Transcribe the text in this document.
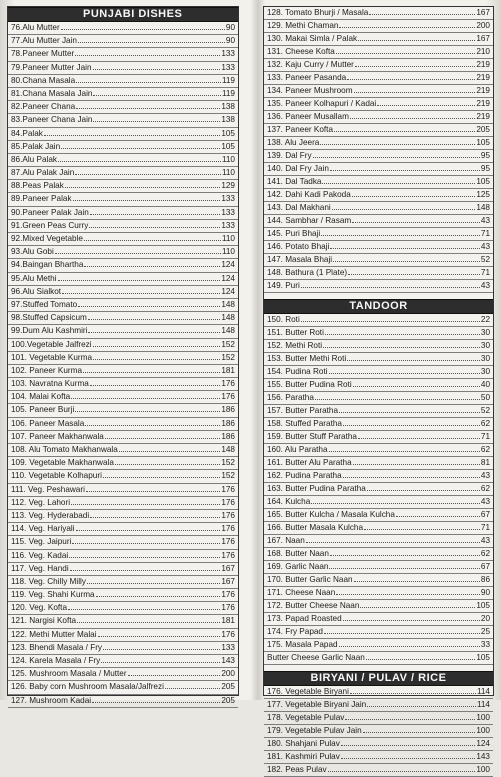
PUNJABI DISHES
76.Alu Mutter	90
77.Alu Mutter Jain	90
78.Paneer Mutter	133
79.Paneer Mutter Jain	133
80.Chana Masala	119
81.Chana Masala Jain	119
82.Paneer Chana	138
83.Paneer Chana Jain	138
84.Palak	105
85.Palak Jain	105
86.Alu Palak	110
87.Alu Palak Jain	110
88.Peas Palak	129
89.Paneer Palak	133
90.Paneer Palak Jain	133
91.Green Peas Curry	133
92.Mixed Vegetable	110
93.Alu Gobi	110
94.Baingan Bhartha	124
95.Alu Methi	124
96.Alu Sialkot	124
97.Stuffed Tomato	148
98.Stuffed Capsicum	148
99.Dum Alu Kashmiri	148
100.Vegetable Jalfrezi	152
101. Vegetable Kurma	152
102. Paneer Kurma	181
103. Navratna Kurma	176
104. Malai Kofta	176
105. Paneer Burji	186
106. Paneer Masala	186
107. Paneer Makhanwala	186
108. Alu Tomato Makhanwala	148
109. Vegetable Makhanwala	152
110. Vegetable Kolhapuri	152
111. Veg. Peshawari	176
112. Veg. Lahori	176
113. Veg. Hyderabadi	176
114. Veg. Hariyali	176
115. Veg. Jaipuri	176
116. Veg. Kadai	176
117. Veg. Handi	167
118. Veg. Chilly Milly	167
119. Veg. Shahi Kurma	176
120. Veg. Kofta	176
121. Nargisi Kofta	181
122. Methi Mutter Malai	176
123. Bhendi Masala / Fry	133
124. Karela Masala / Fry	143
125. Mushroom Masala / Mutter	200
126. Baby corn Mushroom Masala/Jalfrezi	205
127. Mushroom Kadai	205
128. Tomato Bhurji / Masala	167
129. Methi Chaman	200
130. Makai Simla / Palak	167
131. Cheese Kofta	210
132. Kaju Curry / Mutter	219
133. Paneer Pasanda	219
134. Paneer Mushroom	219
135. Paneer Kolhapuri / Kadai	219
136. Paneer Musallam	219
137. Paneer Kofta	205
138. Alu Jeera	105
139. Dal Fry	95
140. Dal Fry Jain	95
141. Dal Tadka	105
142. Dahi Kadi Pakoda	125
143. Dal Makhani	148
144. Sambhar / Rasam	43
145. Puri Bhaji	71
146. Potato Bhaji	43
147. Masala Bhaji	52
148. Bathura (1 Plate)	71
149. Puri	43
TANDOOR
150. Roti	22
151. Butter Roti	30
152. Methi Roti	30
153. Butter Methi Roti	30
154. Pudina Roti	30
155. Butter Pudina Roti	40
156. Paratha	50
157. Butter Paratha	52
158. Stuffed Paratha	62
159. Butter Stuff Paratha	71
160. Alu Paratha	62
161. Butter Alu Paratha	81
162. Pudina Paratha	43
163. Butter Pudina Paratha	62
164. Kulcha	43
165. Butter Kulcha / Masala Kulcha	67
166. Butter Masala Kulcha	71
167. Naan	43
168. Butter Naan	62
169. Garlic Naan	67
170. Butter Garlic Naan	86
171. Cheese Naan	90
172. Butter Cheese Naan	105
173. Papad Roasted	20
174. Fry Papad	25
175. Masala Papad	33
Butter Cheese Garlic Naan	105
BIRYANI / PULAV / RICE
176. Vegetable Biryani	114
177. Vegetable Biryani Jain	114
178. Vegetable Pulav	100
179. Vegetable Pulav Jain	100
180. Shahjani Pulav	124
181. Kashmiri Pulav	143
182. Peas Pulav	100
